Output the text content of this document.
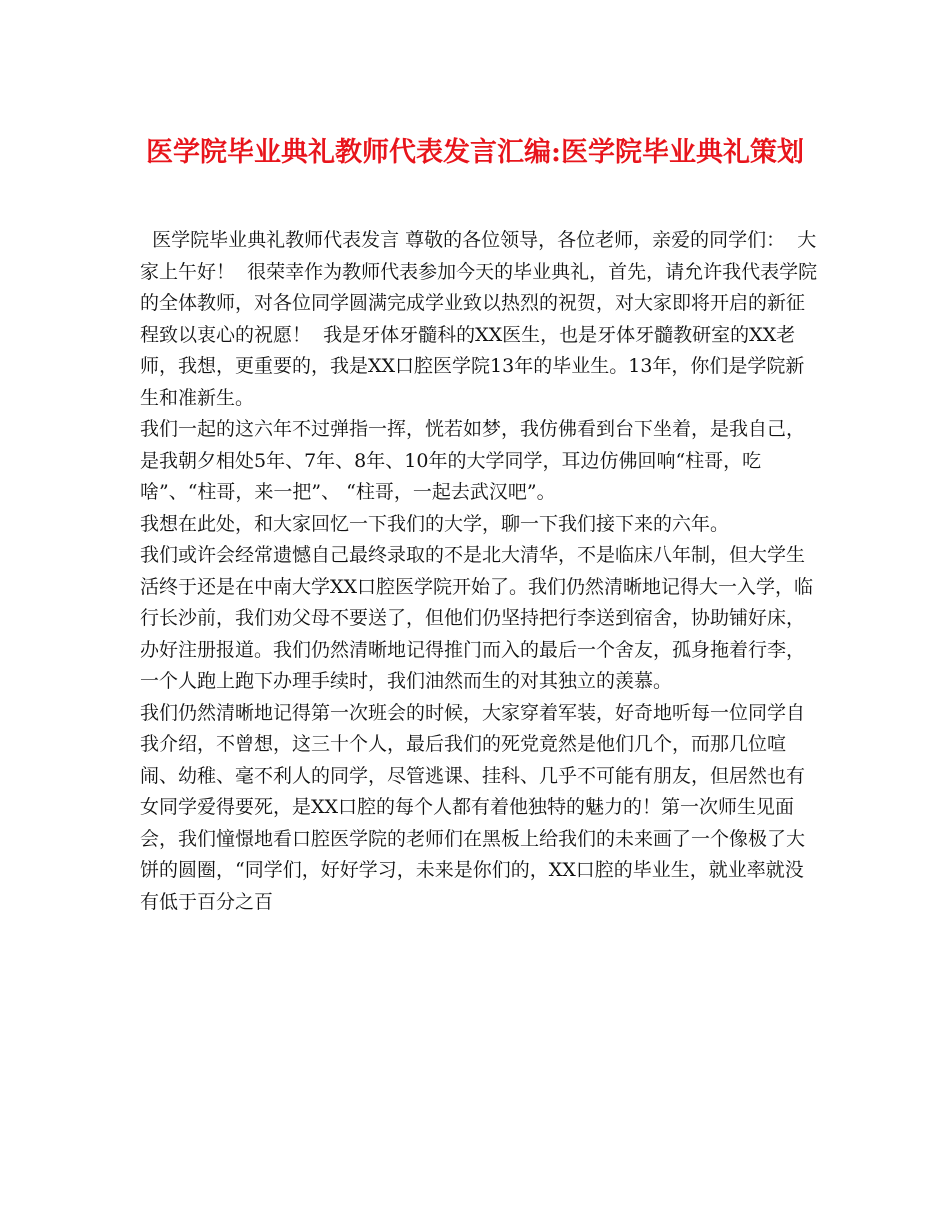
医学院毕业典礼教师代表发言汇编:医学院毕业典礼策划

医学院毕业典礼教师代表发言 尊敬的各位领导，各位老师，亲爱的同学们：  大家上午好！  很荣幸作为教师代表参加今天的毕业典礼，首先，请允许我代表学院的全体教师，对各位同学圆满完成学业致以热烈的祝贺，对大家即将开启的新征程致以衷心的祝愿！  我是牙体牙髓科的XX医生，也是牙体牙髓教研室的XX老师，我想，更重要的，我是XX口腔医学院13年的毕业生。13年，你们是学院新生和准新生。

我们一起的这六年不过弹指一挥，恍若如梦，我仿佛看到台下坐着，是我自己，是我朝夕相处5年、7年、8年、10年的大学同学，耳边仿佛回响“柱哥，吃啥”、“柱哥，来一把”、 “柱哥，一起去武汉吧”。

我想在此处，和大家回忆一下我们的大学，聊一下我们接下来的六年。

我们或许会经常遗憾自己最终录取的不是北大清华，不是临床八年制，但大学生活终于还是在中南大学XX口腔医学院开始了。我们仍然清晰地记得大一入学，临行长沙前，我们劝父母不要送了，但他们仍坚持把行李送到宿舍，协助铺好床，办好注册报道。我们仍然清晰地记得推门而入的最后一个舍友，孤身拖着行李，一个人跑上跑下办理手续时，我们油然而生的对其独立的羡慕。

我们仍然清晰地记得第一次班会的时候，大家穿着军装，好奇地听每一位同学自我介绍，不曾想，这三十个人，最后我们的死党竟然是他们几个，而那几位喧闹、幼稚、毫不利人的同学，尽管逃课、挂科、几乎不可能有朋友，但居然也有女同学爱得要死，是XX口腔的每个人都有着他独特的魅力的！第一次师生见面会，我们憧憬地看口腔医学院的老师们在黑板上给我们的未来画了一个像极了大饼的圆圈，“同学们，好好学习，未来是你们的，XX口腔的毕业生，就业率就没有低于百分之百
